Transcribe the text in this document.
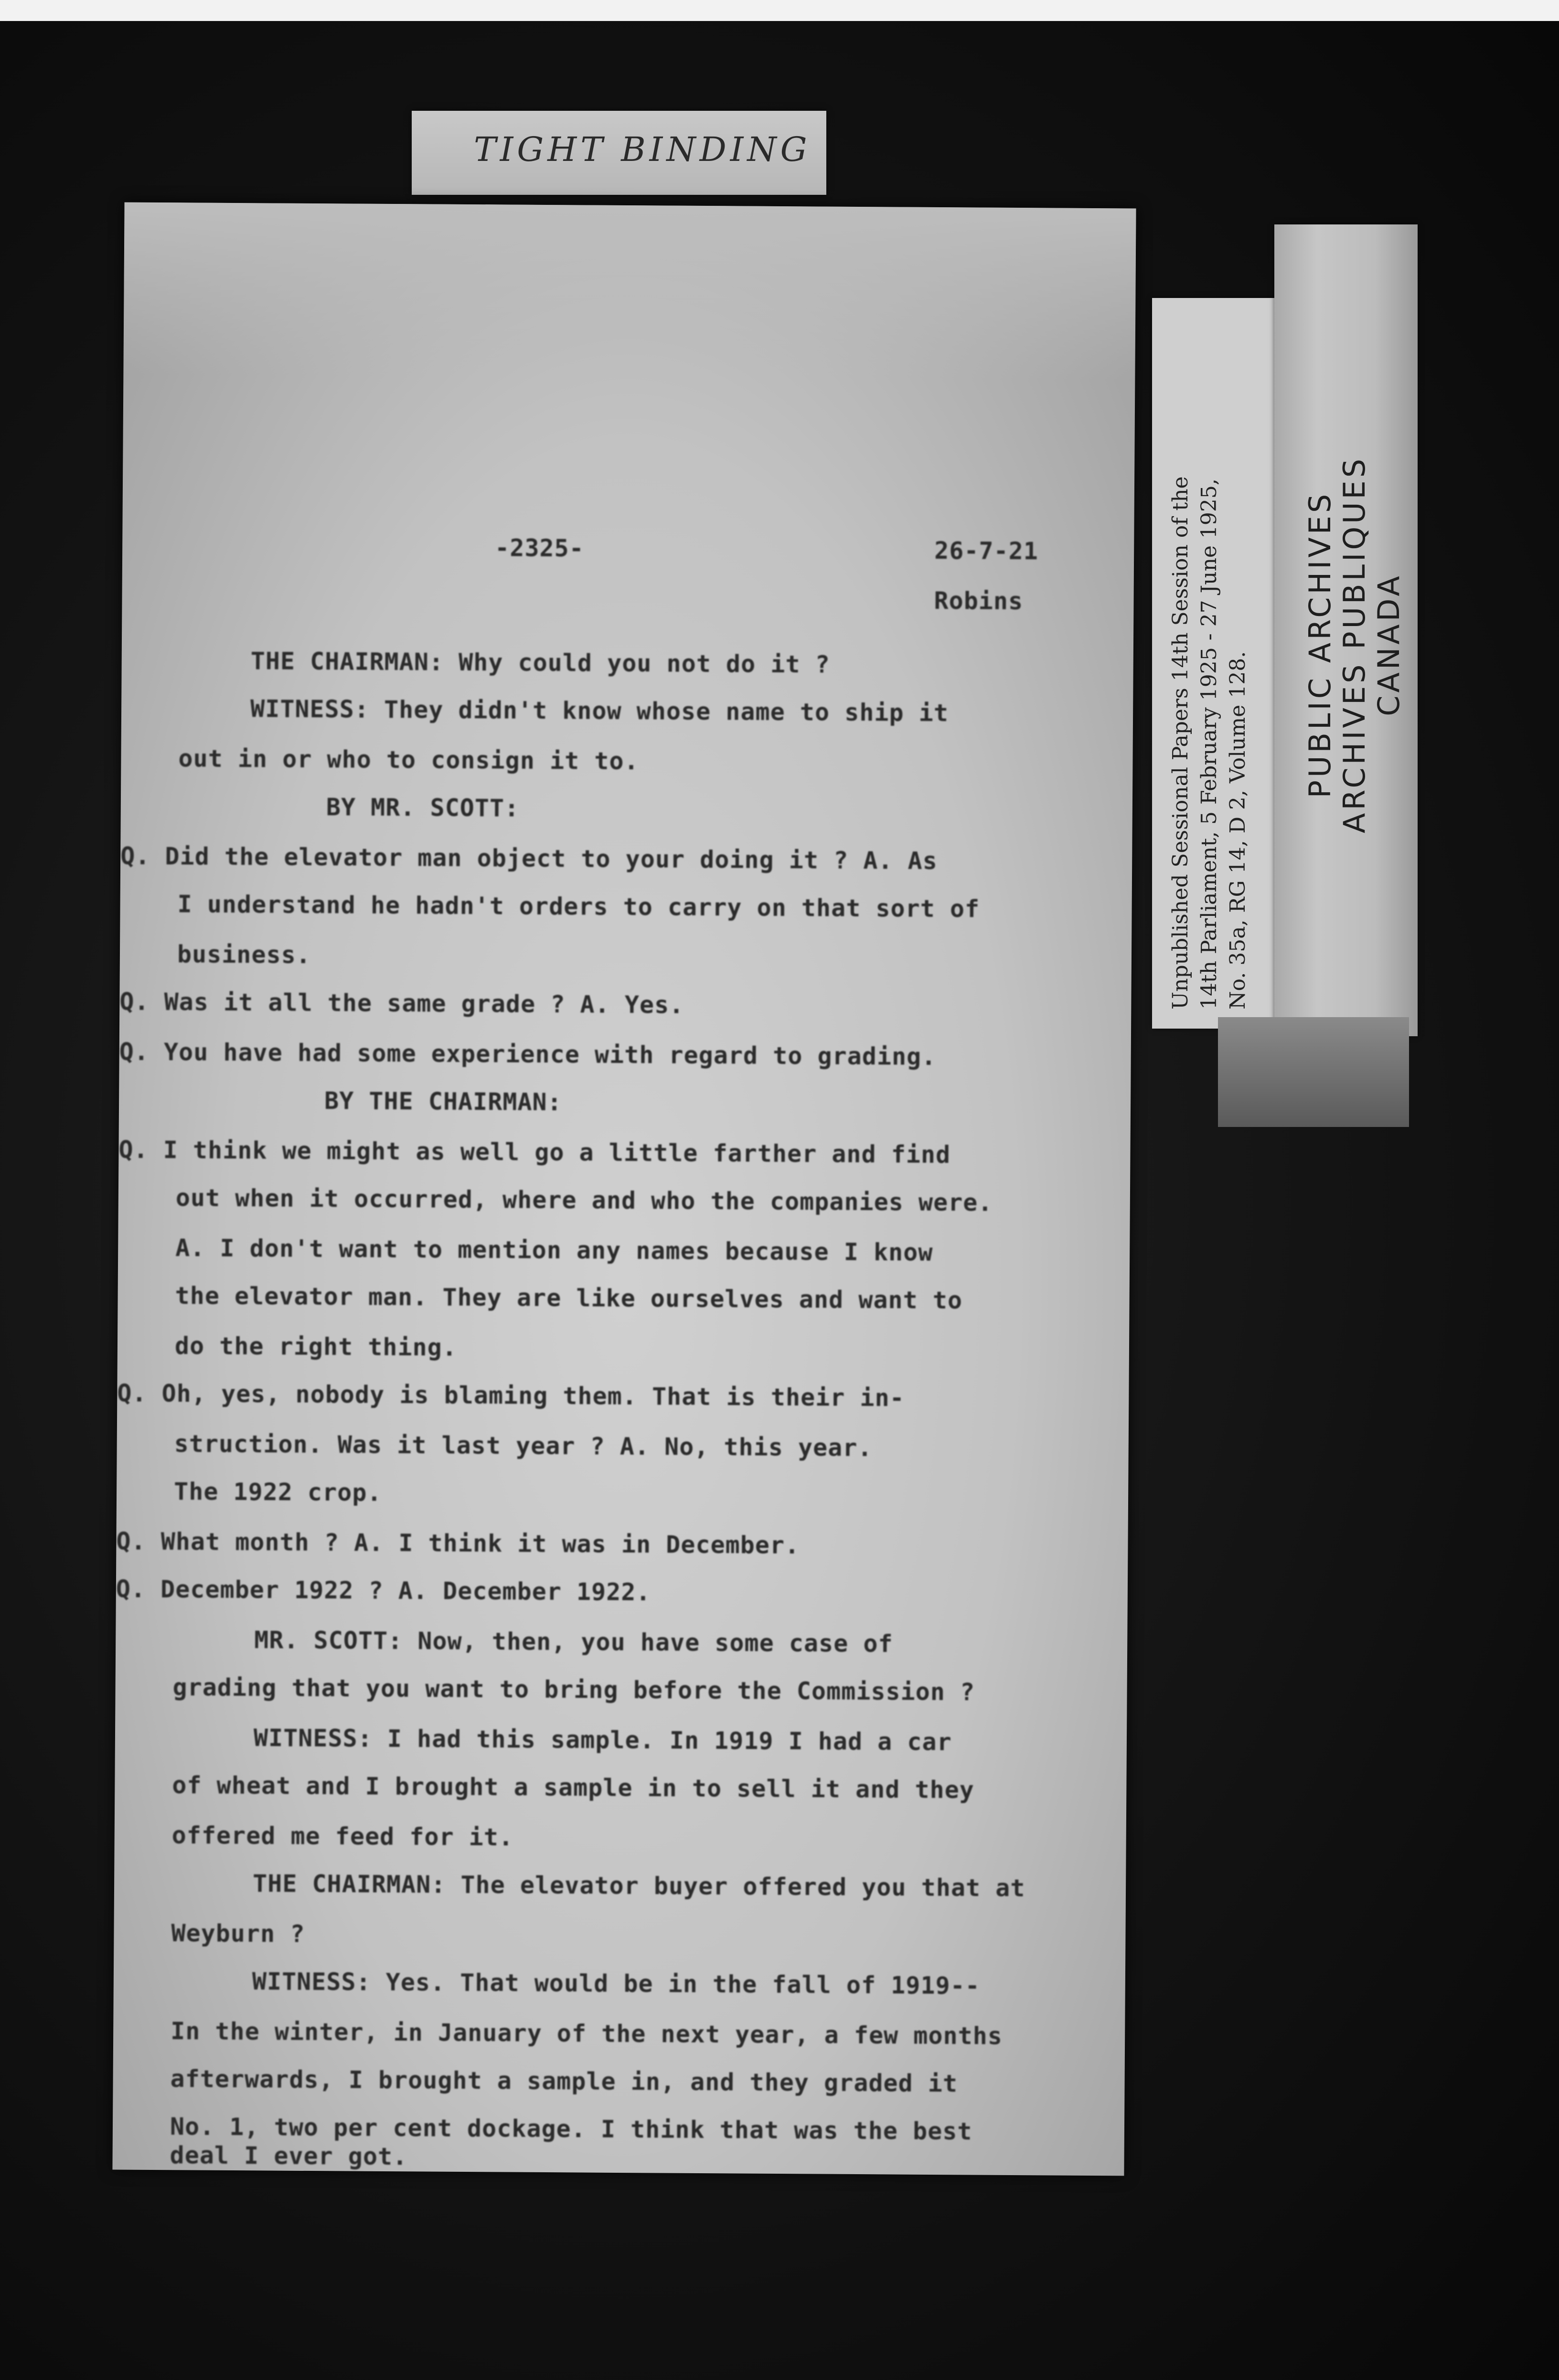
TIGHT BINDING
-2325-	26-7-21
Robins
THE CHAIRMAN: Why could you not do it ?
WITNESS: They didn't know whose name to ship it
out in or who to consign it to.
BY MR. SCOTT:
Q. Did the elevator man object to your doing it ? A. As
I understand he hadn't orders to carry on that sort of
business.
Q. Was it all the same grade ? A. Yes.
Q. You have had some experience with regard to grading.
BY THE CHAIRMAN:
Q. I think we might as well go a little farther and find
out when it occurred, where and who the companies were.
A. I don't want to mention any names because I know
the elevator man. They are like ourselves and want to
do the right thing.
Q. Oh, yes, nobody is blaming them. That is their in-
struction. Was it last year ? A. No, this year.
The 1922 crop.
Q. What month ? A. I think it was in December.
Q. December 1922 ? A. December 1922.
MR. SCOTT: Now, then, you have some case of
grading that you want to bring before the Commission ?
WITNESS: I had this sample. In 1919 I had a car
of wheat and I brought a sample in to sell it and they
offered me feed for it.
THE CHAIRMAN: The elevator buyer offered you that at
Weyburn ?
WITNESS: Yes. That would be in the fall of 1919--
In the winter, in January of the next year, a few months
afterwards, I brought a sample in, and they graded it
No. 1, two per cent dockage. I think that was the best
deal I ever got.
Unpublished Sessional Papers 14th Session of the 14th Parliament, 5 February 1925 - 27 June 1925, No. 35a, RG 14, D 2, Volume 128.
PUBLIC ARCHIVES ARCHIVES PUBLIQUES CANADA
